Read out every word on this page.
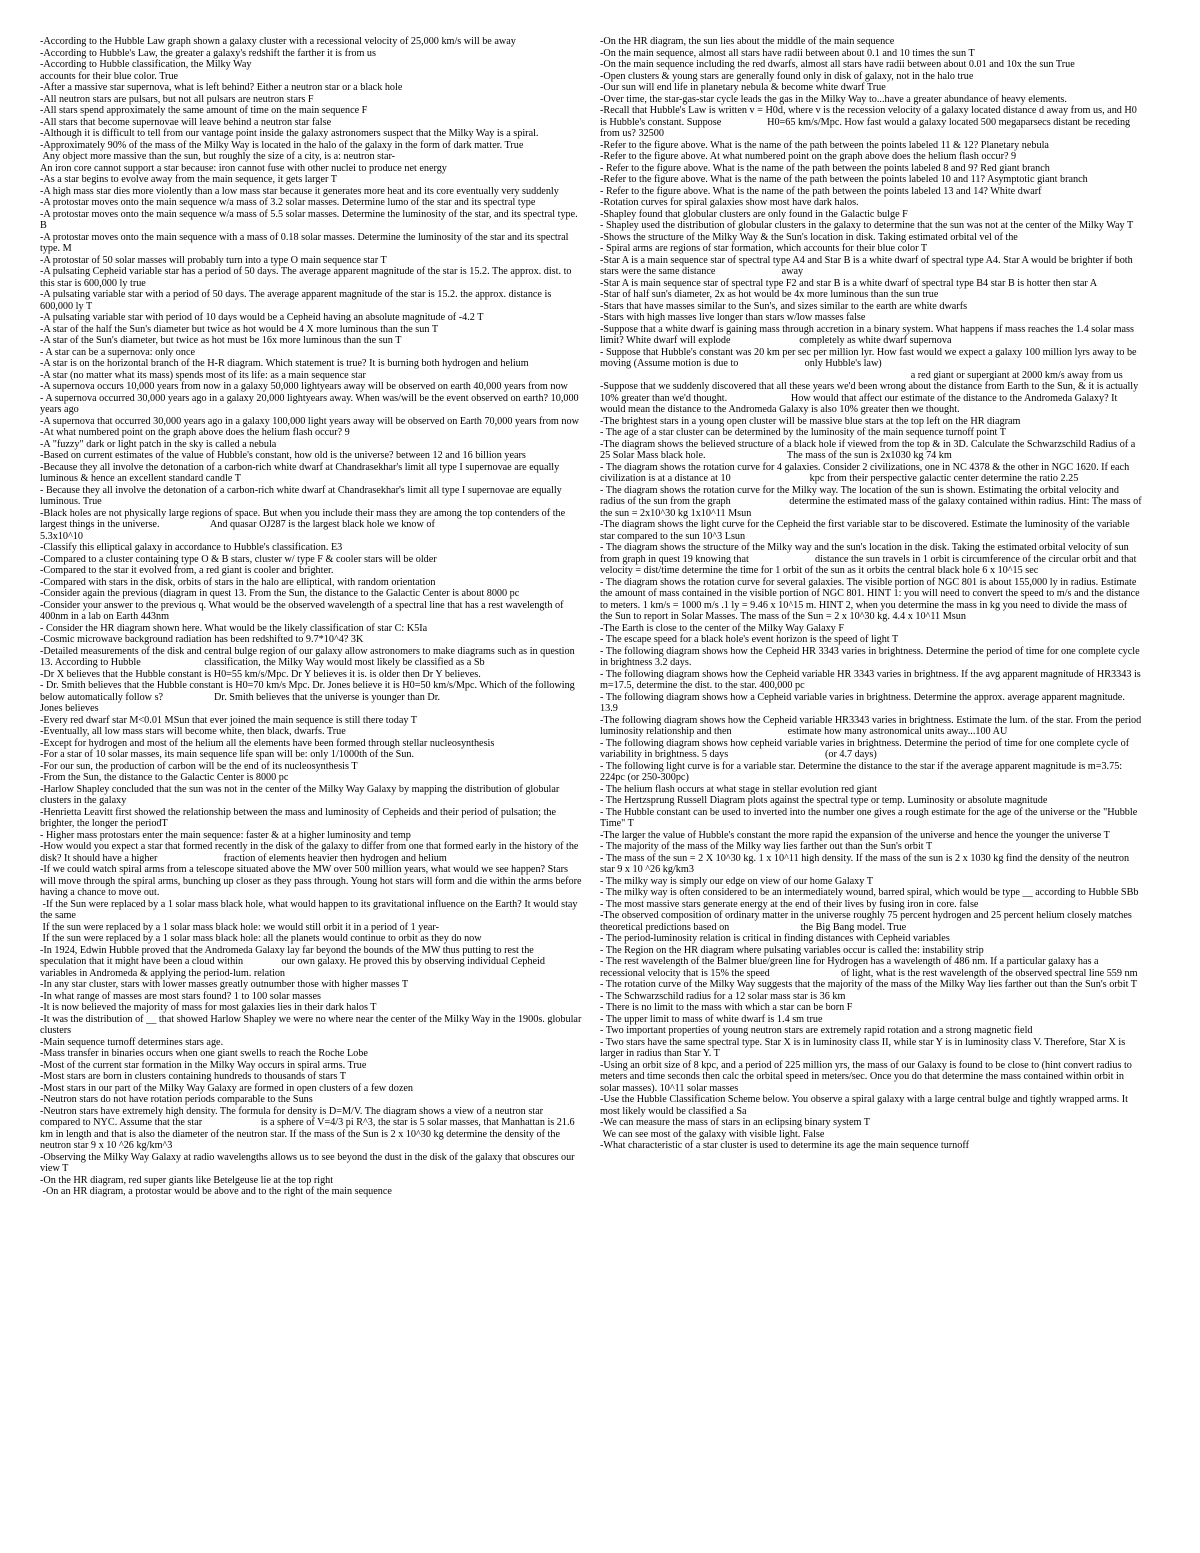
-According to the Hubble Law graph shown a galaxy cluster with a recessional velocity of 25,000 km/s will be away

-According to Hubble's Law, the greater a galaxy's redshift the farther it is from us

-According to Hubble classification, the Milky Way

accounts for their blue color. True

-After a massive star supernova, what is left behind? Either a neutron star or a black hole

-All neutron stars are pulsars, but not all pulsars are neutron stars F

-All stars spend approximately the same amount of time on the main sequence F

-All stars that become supernovae will leave behind a neutron star false

-Although it is difficult to tell from our vantage point inside the galaxy astronomers suspect that the Milky Way is a spiral.

-Approximately 90% of the mass of the Milky Way is located in the halo of the galaxy in the form of dark matter. True

Any object more massive than the sun, but roughly the size of a city, is a: neutron star-

An iron core cannot support a star because: iron cannot fuse with other nuclei to produce net energy

-As a star begins to evolve away from the main sequence, it gets larger T

-A high mass star dies more violently than a low mass star because it generates more heat and its core eventually very suddenly

-A protostar moves onto the main sequence w/a mass of 3.2 solar masses. Determine lumo of the star and its spectral type

-A protostar moves onto the main sequence w/a mass of 5.5 solar masses. Determine the luminosity of the star, and its spectral type. B

-A protostar moves onto the main sequence with a mass of 0.18 solar masses. Determine the luminosity of the star and its spectral type. M

-A protostar of 50 solar masses will probably turn into a type O main sequence star T

-A pulsating Cepheid variable star has a period of 50 days. The average apparent magnitude of the star is 15.2. The approx. dist. to this star is 600,000 ly true

-A pulsating variable star with a period of 50 days. The average apparent magnitude of the star is 15.2. the approx. distance is 600,000 ly T

-A pulsating variable star with period of 10 days would be a Cepheid having an absolute magnitude of -4.2 T

-A star of the half the Sun's diameter but twice as hot would be 4 X more luminous than the sun T

-A star of the Sun's diameter, but twice as hot must be 16x more luminous than the sun T

- A star can be a supernova: only once

-A star is on the horizontal branch of the H-R diagram. Which statement is true? It is burning both hydrogen and helium

-A star (no matter what its mass) spends most of its life: as a main sequence star

-A supernova occurs 10,000 years from now in a galaxy 50,000 lightyears away will be observed on earth 40,000 years from now

- A supernova occurred 30,000 years ago in a galaxy 20,000 lightyears away. When was/will be the event observed on earth? 10,000 years ago

-A supernova that occurred 30,000 years ago in a galaxy 100,000 light years away will be observed on Earth 70,000 years from now

-At what numbered point on the graph above does the helium flash occur? 9

-A "fuzzy" dark or light patch in the sky is called a nebula

-Based on current estimates of the value of Hubble's constant, how old is the universe? between 12 and 16 billion years

-Because they all involve the detonation of a carbon-rich white dwarf at Chandrasekhar's limit all type I supernovae are equally luminous & hence an excellent standard candle T

- Because they all involve the detonation of a carbon-rich white dwarf at Chandrasekhar's limit all type I supernovae are equally luminous. True

-Black holes are not physically large regions of space. But when you include their mass they are among the top contenders of the largest things in the universe.                    And quasar OJ287 is the largest black hole we know of

5.3x10^10

-Classify this elliptical galaxy in accordance to Hubble's classification. E3

-Compared to a cluster containing type O & B stars, cluster w/ type F & cooler stars will be older

-Compared to the star it evolved from, a red giant is cooler and brighter.

-Compared with stars in the disk, orbits of stars in the halo are elliptical, with random orientation

-Consider again the previous (diagram in quest 13. From the Sun, the distance to the Galactic Center is about 8000 pc

-Consider your answer to the previous q. What would be the observed wavelength of a spectral line that has a rest wavelength of 400nm in a lab on Earth 443nm

- Consider the HR diagram shown here. What would be the likely classification of star C: K5Ia

-Cosmic microwave background radiation has been redshifted to 9.7*10^4? 3K

-Detailed measurements of the disk and central bulge region of our galaxy allow astronomers to make diagrams such as in question 13. According to Hubble                         classification, the Milky Way would most likely be classified as a Sb

-Dr X believes that the Hubble constant is H0=55 km/s/Mpc. Dr Y believes it is. is older then Dr Y believes.

- Dr. Smith believes that the Hubble constant is H0=70 km/s Mpc. Dr. Jones believe it is H0=50 km/s/Mpc. Which of the following below automatically follow s?                    Dr. Smith believes that the universe is younger than Dr.

Jones believes

-Every red dwarf star M<0.01 MSun that ever joined the main sequence is still there today T

-Eventually, all low mass stars will become white, then black, dwarfs. True

-Except for hydrogen and most of the helium all the elements have been formed through stellar nucleosynthesis

-For a star of 10 solar masses, its main sequence life span will be: only 1/1000th of the Sun.

-For our sun, the production of carbon will be the end of its nucleosynthesis T

-From the Sun, the distance to the Galactic Center is 8000 pc

-Harlow Shapley concluded that the sun was not in the center of the Milky Way Galaxy by mapping the distribution of globular clusters in the galaxy

-Henrietta Leavitt first showed the relationship between the mass and luminosity of Cepheids and their period of pulsation; the brighter, the longer the periodT

- Higher mass protostars enter the main sequence: faster & at a higher luminosity and temp

-How would you expect a star that formed recently in the disk of the galaxy to differ from one that formed early in the history of the disk? It should have a higher                          fraction of elements heavier then hydrogen and helium

-If we could watch spiral arms from a telescope situated above the MW over 500 million years, what would we see happen? Stars will move through the spiral arms, bunching up closer as they pass through. Young hot stars will form and die within the arms before having a chance to move out.

-If the Sun were replaced by a 1 solar mass black hole, what would happen to its gravitational influence on the Earth? It would stay the same

If the sun were replaced by a 1 solar mass black hole: we would still orbit it in a period of 1 year-

If the sun were replaced by a 1 solar mass black hole: all the planets would continue to orbit as they do now

-In 1924, Edwin Hubble proved that the Andromeda Galaxy lay far beyond the bounds of the MW thus putting to rest the speculation that it might have been a cloud within               our own galaxy. He proved this by observing individual Cepheid variables in Andromeda & applying the period-lum. relation

-In any star cluster, stars with lower masses greatly outnumber those with higher masses T

-In what range of masses are most stars found? 1 to 100 solar masses

-It is now believed the majority of mass for most galaxies lies in their dark halos T

-It was the distribution of __ that showed Harlow Shapley we were no where near the center of the Milky Way in the 1900s. globular clusters

-Main sequence turnoff determines stars age.

-Mass transfer in binaries occurs when one giant swells to reach the Roche Lobe

-Most of the current star formation in the Milky Way occurs in spiral arms. True

-Most stars are born in clusters containing hundreds to thousands of stars T

-Most stars in our part of the Milky Way Galaxy are formed in open clusters of a few dozen

-Neutron stars do not have rotation periods comparable to the Suns

-Neutron stars have extremely high density. The formula for density is D=M/V. The diagram shows a view of a neutron star compared to NYC. Assume that the star                       is a sphere of V=4/3 pi R^3, the star is 5 solar masses, that Manhattan is 21.6 km in length and that is also the diameter of the neutron star. If the mass of the Sun is 2 x 10^30 kg determine the density of the neutron star 9 x 10 ^26 kg/km^3

-Observing the Milky Way Galaxy at radio wavelengths allows us to see beyond the dust in the disk of the galaxy that obscures our view T

-On the HR diagram, red super giants like Betelgeuse lie at the top right

-On an HR diagram, a protostar would be above and to the right of the main sequence

-On the HR diagram, the sun lies about the middle of the main sequence

-On the main sequence, almost all stars have radii between about 0.1 and 10 times the sun T

-On the main sequence including the red dwarfs, almost all stars have radii between about 0.01 and 10x the sun True

-Open clusters & young stars are generally found only in disk of galaxy, not in the halo true

-Our sun will end life in planetary nebula & become white dwarf True

-Over time, the star-gas-star cycle leads the gas in the Milky Way to...have a greater abundance of heavy elements.

-Recall that Hubble's Law is written v = H0d, where v is the recession velocity of a galaxy located distance d away from us, and H0 is Hubble's constant. Suppose                  H0=65 km/s/Mpc. How fast would a galaxy located 500 megaparsecs distant be receding from us? 32500

-Refer to the figure above. What is the name of the path between the points labeled 11 & 12? Planetary nebula

-Refer to the figure above. At what numbered point on the graph above does the helium flash occur? 9

- Refer to the figure above. What is the name of the path between the points labeled 8 and 9? Red giant branch

-Refer to the figure above. What is the name of the path between the points labeled 10 and 11? Asymptotic giant branch

- Refer to the figure above. What is the name of the path between the points labeled 13 and 14? White dwarf

-Rotation curves for spiral galaxies show most have dark halos.

-Shapley found that globular clusters are only found in the Galactic bulge F

- Shapley used the distribution of globular clusters in the galaxy to determine that the sun was not at the center of the Milky Way T

-Shows the structure of the Milky Way & the Sun's location in disk. Taking estimated orbital vel of the

- Spiral arms are regions of star formation, which accounts for their blue color T

-Star A is a main sequence star of spectral type A4 and Star B is a white dwarf of spectral type A4. Star A would be brighter if both stars were the same distance                          away

-Star A is main sequence star of spectral type F2 and star B is a white dwarf of spectral type B4 star B is hotter then star A

-Star of half sun's diameter, 2x as hot would be 4x more luminous than the sun true

-Stars that have masses similar to the Sun's, and sizes similar to the earth are white dwarfs

-Stars with high masses live longer than stars w/low masses false

-Suppose that a white dwarf is gaining mass through accretion in a binary system. What happens if mass reaches the 1.4 solar mass limit? White dwarf will explode                           completely as white dwarf supernova

- Suppose that Hubble's constant was 20 km per sec per million lyr. How fast would we expect a galaxy 100 million lyrs away to be moving (Assume motion is due to                          only Hubble's law)

a red giant or supergiant at 2000 km/s away from us

-Suppose that we suddenly discovered that all these years we'd been wrong about the distance from Earth to the Sun, & it is actually 10% greater than we'd thought.                         How would that affect our estimate of the distance to the Andromeda Galaxy? It would mean the distance to the Andromeda Galaxy is also 10% greater then we thought.

-The brightest stars in a young open cluster will be massive blue stars at the top left on the HR diagram

- The age of a star cluster can be determined by the luminosity of the main sequence turnoff point T

-The diagram shows the believed structure of a black hole if viewed from the top & in 3D. Calculate the Schwarzschild Radius of a 25 Solar Mass black hole.                                The mass of the sun is 2x1030 kg 74 km

- The diagram shows the rotation curve for 4 galaxies. Consider 2 civilizations, one in NC 4378 & the other in NGC 1620. If each civilization is at a distance at 10                               kpc from their perspective galactic center determine the ratio 2.25

- The diagram shows the rotation curve for the Milky way. The location of the sun is shown. Estimating the orbital velocity and radius of the sun from the graph                       determine the estimated mass of the galaxy contained within radius. Hint: The mass of the sun = 2x10^30 kg 1x10^11 Msun

-The diagram shows the light curve for the Cepheid the first variable star to be discovered. Estimate the luminosity of the variable star compared to the sun 10^3 Lsun

- The diagram shows the structure of the Milky way and the sun's location in the disk. Taking the estimated orbital velocity of sun from graph in quest 19 knowing that                          distance the sun travels in 1 orbit is circumference of the circular orbit and that velocity = dist/time determine the time for 1 orbit of the sun as it orbits the central black hole 6 x 10^15 sec

- The diagram shows the rotation curve for several galaxies. The visible portion of NGC 801 is about 155,000 ly in radius. Estimate the amount of mass contained in the visible portion of NGC 801. HINT 1: you will need to convert the speed to m/s and the distance to meters. 1 km/s = 1000 m/s .1 ly = 9.46 x 10^15 m. HINT 2, when you determine the mass in kg you need to divide the mass of the Sun to report in Solar Masses. The mass of the Sun = 2 x 10^30 kg. 4.4 x 10^11 Msun

-The Earth is close to the center of the Milky Way Galaxy F

- The escape speed for a black hole's event horizon is the speed of light T

- The following diagram shows how the Cepheid HR 3343 varies in brightness. Determine the period of time for one complete cycle in brightness 3.2 days.

- The following diagram shows how the Cepheid variable HR 3343 varies in brightness. If the avg apparent magnitude of HR3343 is m=17.5, determine the dist. to the star. 400,000 pc

- The following diagram shows how a Cepheid variable varies in brightness. Determine the approx. average apparent magnitude. 13.9

-The following diagram shows how the Cepheid variable HR3343 varies in brightness. Estimate the lum. of the star. From the period luminosity relationship and then                      estimate how many astronomical units away...100 AU

- The following diagram shows how cepheid variable varies in brightness. Determine the period of time for one complete cycle of variability in brightness. 5 days                                      (or 4.7 days)

- The following light curve is for a variable star. Determine the distance to the star if the average apparent magnitude is m=3.75: 224pc (or 250-300pc)

- The helium flash occurs at what stage in stellar evolution red giant

- The Hertzsprung Russell Diagram plots against the spectral type or temp. Luminosity or absolute magnitude

- The Hubble constant can be used to inverted into the number one gives a rough estimate for the age of the universe or the "Hubble Time" T

-The larger the value of Hubble's constant the more rapid the expansion of the universe and hence the younger the universe T

- The majority of the mass of the Milky way lies farther out than the Sun's orbit T

- The mass of the sun = 2 X 10^30 kg. 1 x 10^11 high density. If the mass of the sun is 2 x 1030 kg find the density of the neutron star 9 x 10 ^26 kg/km3

- The milky way is simply our edge on view of our home Galaxy T

- The milky way is often considered to be an intermediately wound, barred spiral, which would be type __ according to Hubble SBb

- The most massive stars generate energy at the end of their lives by fusing iron in core. false

-The observed composition of ordinary matter in the universe roughly 75 percent hydrogen and 25 percent helium closely matches theoretical predictions based on                            the Big Bang model. True

- The period-luminosity relation is critical in finding distances with Cepheid variables

- The Region on the HR diagram where pulsating variables occur is called the: instability strip

- The rest wavelength of the Balmer blue/green line for Hydrogen has a wavelength of 486 nm. If a particular galaxy has a recessional velocity that is 15% the speed                            of light, what is the rest wavelength of the observed spectral line 559 nm

- The rotation curve of the Milky Way suggests that the majority of the mass of the Milky Way lies farther out than the Sun's orbit T

- The Schwarzschild radius for a 12 solar mass star is 36 km

- There is no limit to the mass with which a star can be born F

- The upper limit to mass of white dwarf is 1.4 sm true

- Two important properties of young neutron stars are extremely rapid rotation and a strong magnetic field

- Two stars have the same spectral type. Star X is in luminosity class II, while star Y is in luminosity class V. Therefore, Star X is larger in radius than Star Y. T

-Using an orbit size of 8 kpc, and a period of 225 million yrs, the mass of our Galaxy is found to be close to (hint convert radius to meters and time seconds then calc the orbital speed in meters/sec. Once you do that determine the mass contained within orbit in solar masses). 10^11 solar masses

-Use the Hubble Classification Scheme below. You observe a spiral galaxy with a large central bulge and tightly wrapped arms. It most likely would be classified a Sa

-We can measure the mass of stars in an eclipsing binary system T

We can see most of the galaxy with visible light. False

-What characteristic of a star cluster is used to determine its age the main sequence turnoff
